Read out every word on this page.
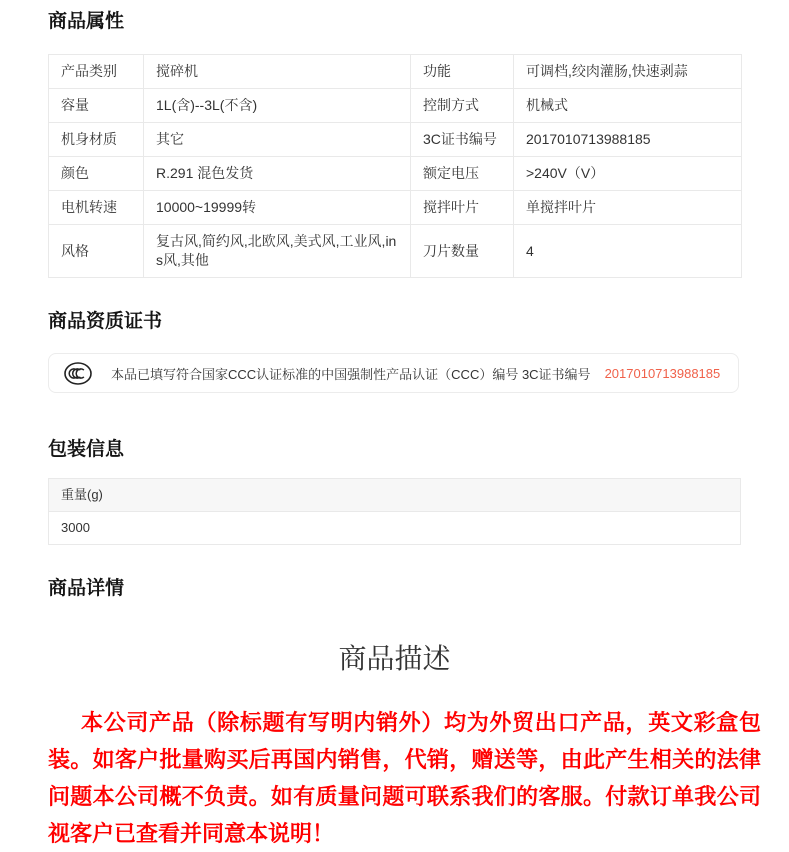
商品属性
产品类别	搅碎机	功能	可调档,绞肉灌肠,快速剥蒜
容量	1L(含)--3L(不含)	控制方式	机械式
机身材质	其它	3C证书编号	2017010713988185
颜色	R.291 混色发货	额定电压	>240V（V）
电机转速	10000~19999转	搅拌叶片	单搅拌叶片
风格	复古风,简约风,北欧风,美式风,工业风,ins风,其他	刀片数量	4
商品资质证书
本品已填写符合国家CCC认证标准的中国强制性产品认证（CCC）编号 3C证书编号 2017010713988185
包装信息
重量(g)
3000
商品详情
商品描述

本公司产品（除标题有写明内销外）均为外贸出口产品，英文彩盒包装。如客户批量购买后再国内销售，代销，赠送等，由此产生相关的法律问题本公司概不负责。如有质量问题可联系我们的客服。付款订单我公司视客户已查看并同意本说明！
